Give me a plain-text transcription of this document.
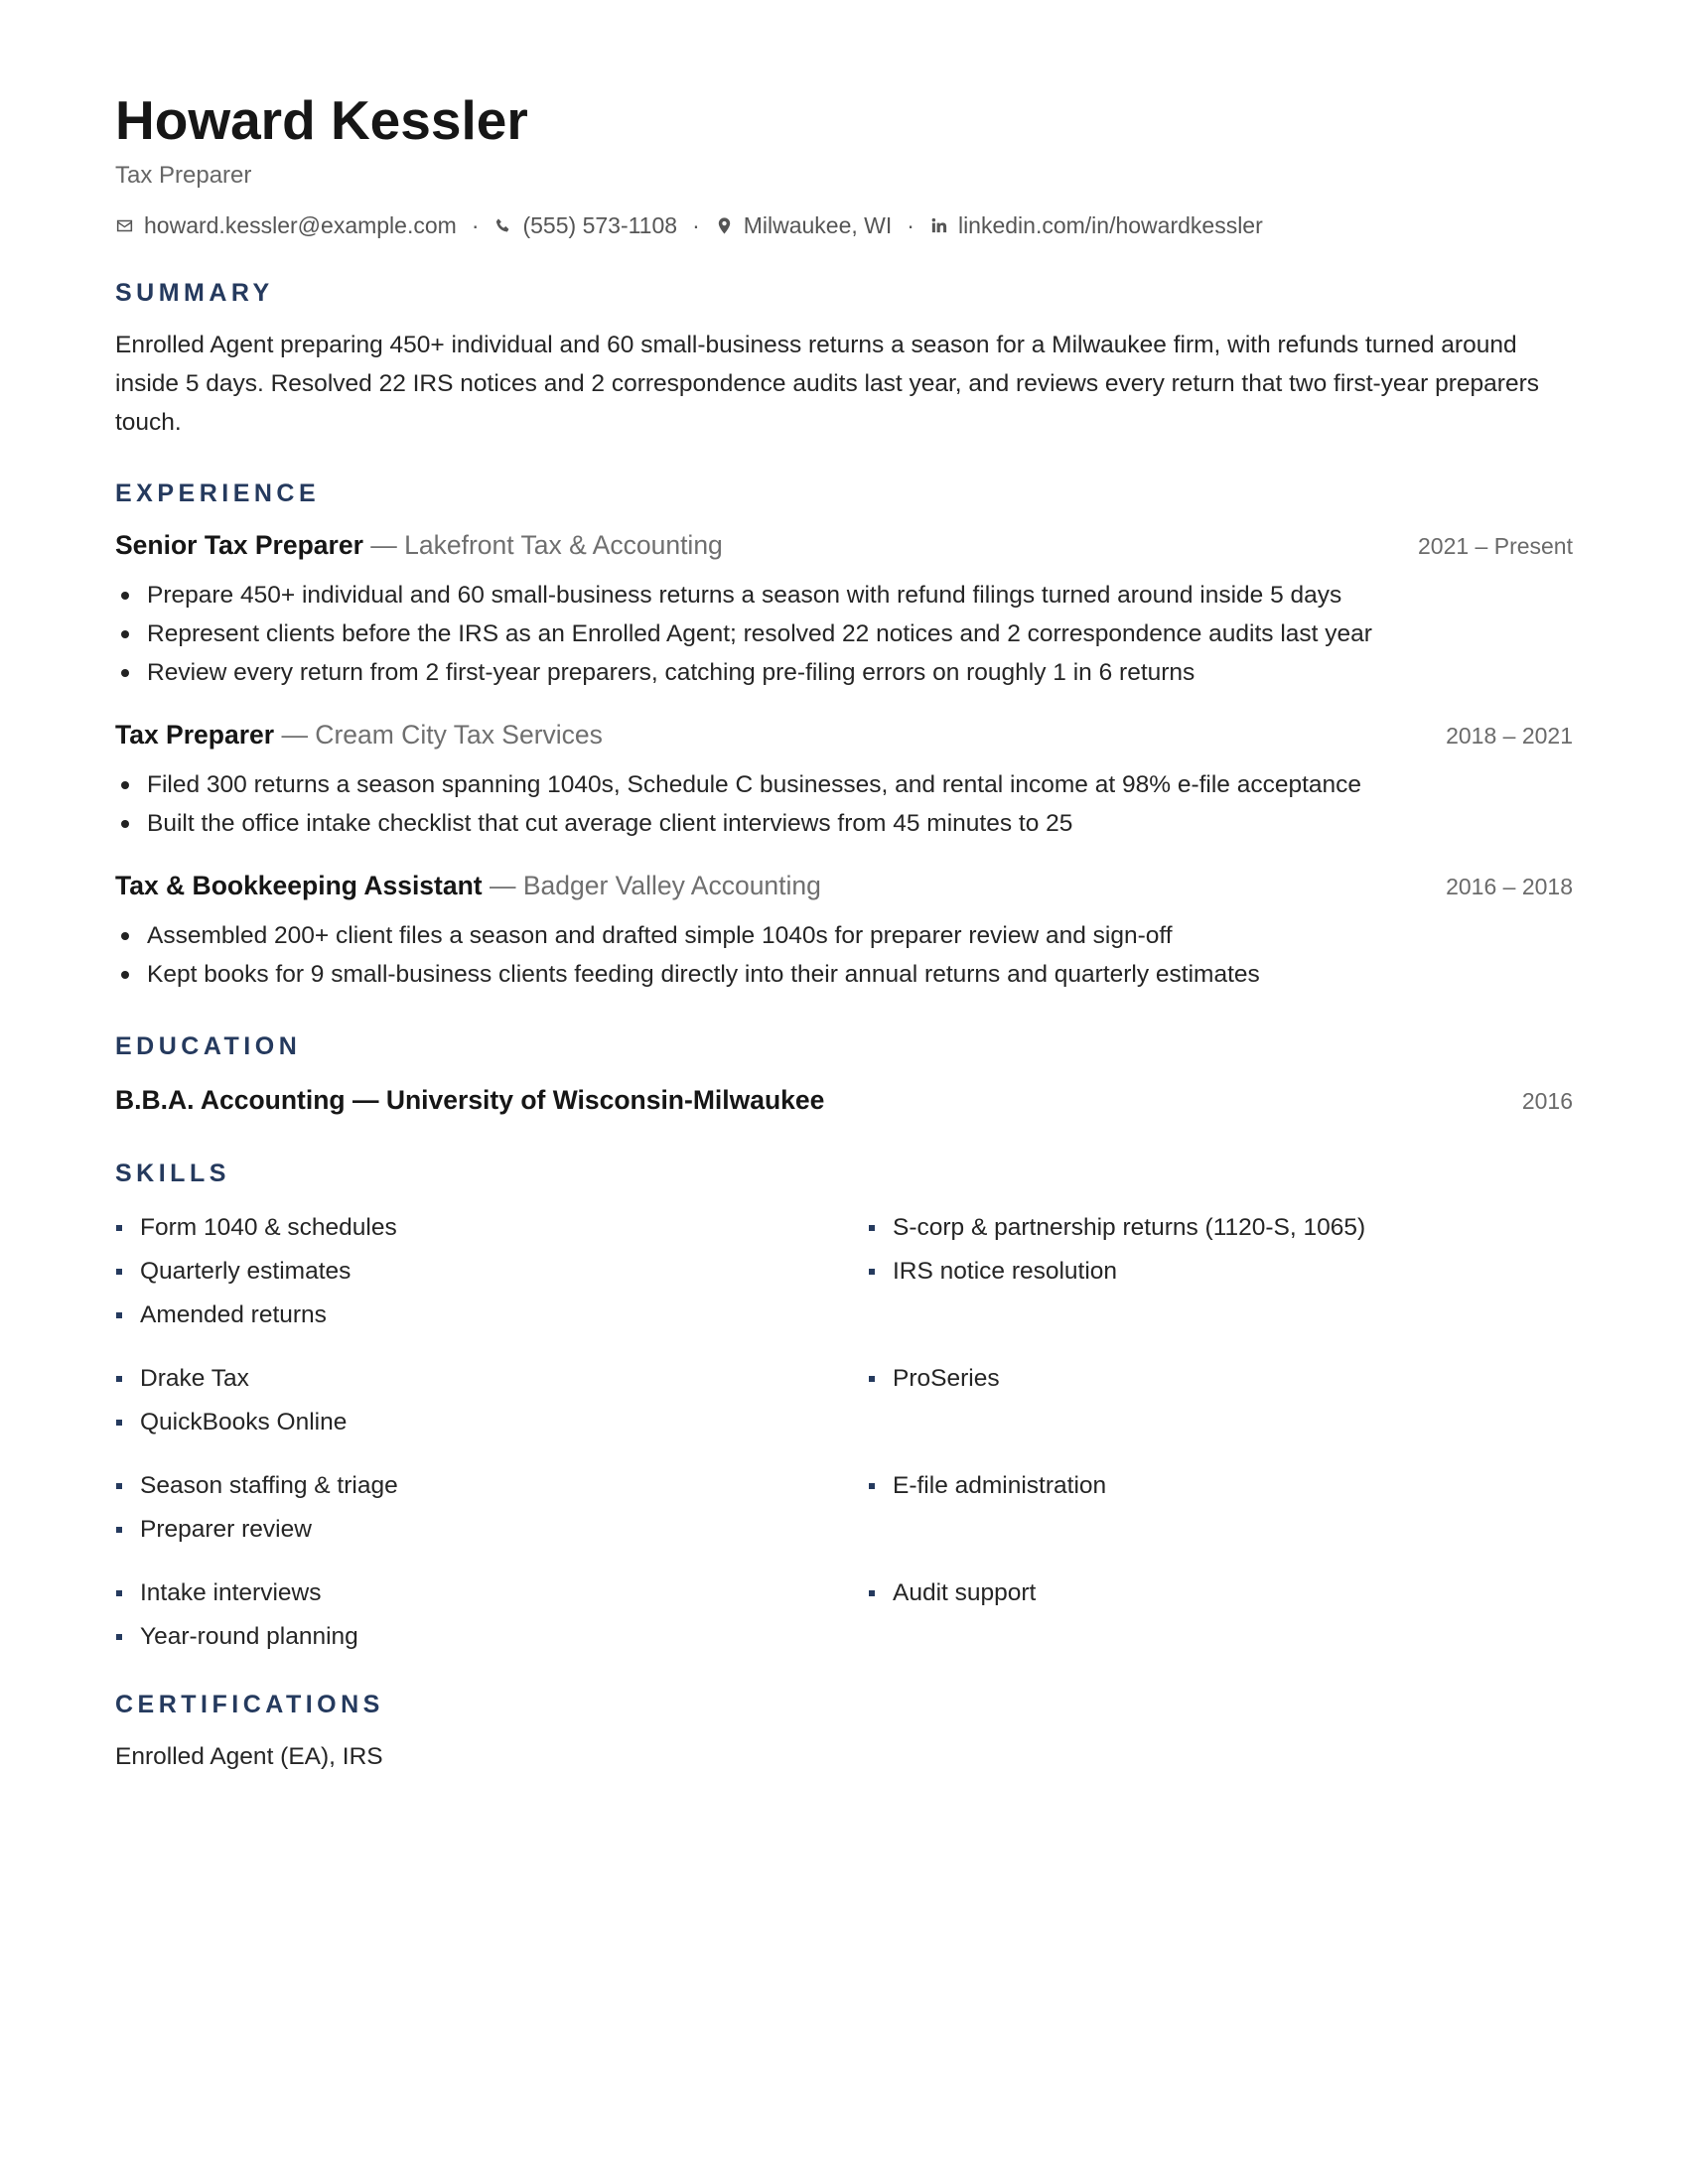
Howard Kessler
Tax Preparer
howard.kessler@example.com · (555) 573-1108 · Milwaukee, WI · linkedin.com/in/howardkessler
SUMMARY
Enrolled Agent preparing 450+ individual and 60 small-business returns a season for a Milwaukee firm, with refunds turned around inside 5 days. Resolved 22 IRS notices and 2 correspondence audits last year, and reviews every return that two first-year preparers touch.
EXPERIENCE
Senior Tax Preparer — Lakefront Tax & Accounting	2021 – Present
Prepare 450+ individual and 60 small-business returns a season with refund filings turned around inside 5 days
Represent clients before the IRS as an Enrolled Agent; resolved 22 notices and 2 correspondence audits last year
Review every return from 2 first-year preparers, catching pre-filing errors on roughly 1 in 6 returns
Tax Preparer — Cream City Tax Services	2018 – 2021
Filed 300 returns a season spanning 1040s, Schedule C businesses, and rental income at 98% e-file acceptance
Built the office intake checklist that cut average client interviews from 45 minutes to 25
Tax & Bookkeeping Assistant — Badger Valley Accounting	2016 – 2018
Assembled 200+ client files a season and drafted simple 1040s for preparer review and sign-off
Kept books for 9 small-business clients feeding directly into their annual returns and quarterly estimates
EDUCATION
B.B.A. Accounting — University of Wisconsin-Milwaukee	2016
SKILLS
Form 1040 & schedules	S-corp & partnership returns (1120-S, 1065)
Quarterly estimates	IRS notice resolution
Amended returns
Drake Tax	ProSeries
QuickBooks Online
Season staffing & triage	E-file administration
Preparer review
Intake interviews	Audit support
Year-round planning
CERTIFICATIONS
Enrolled Agent (EA), IRS
